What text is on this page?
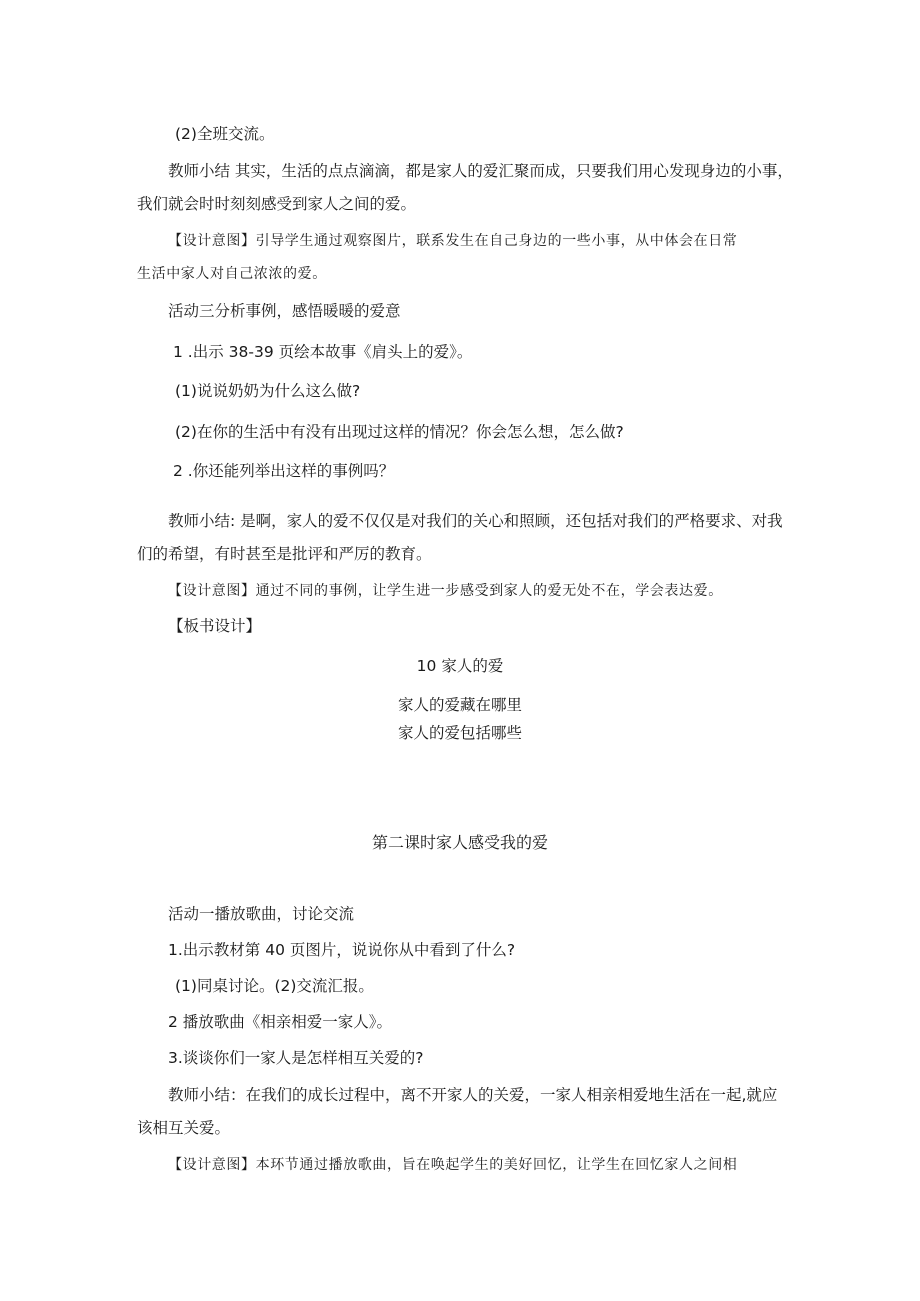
(2)全班交流。
教师小结 其实，生活的点点滴滴，都是家人的爱汇聚而成，只要我们用心发现身边的小事，
我们就会时时刻刻感受到家人之间的爱。
【设计意图】引导学生通过观察图片，联系发生在自己身边的一些小事，从中体会在日常
生活中家人对自己浓浓的爱。
活动三分析事例，感悟暖暖的爱意
1 .出示 38-39 页绘本故事《肩头上的爱》。
(1)说说奶奶为什么这么做?
(2)在你的生活中有没有出现过这样的情况？你会怎么想，怎么做?
2 .你还能列举出这样的事例吗？
教师小结: 是啊，家人的爱不仅仅是对我们的关心和照顾，还包括对我们的严格要求、对我
们的希望，有时甚至是批评和严厉的教育。
【设计意图】通过不同的事例，让学生进一步感受到家人的爱无处不在，学会表达爱。
【板书设计】
10 家人的爱
家人的爱藏在哪里
家人的爱包括哪些
第二课时家人感受我的爱
活动一播放歌曲，讨论交流
1.出示教材第 40 页图片，说说你从中看到了什么?
(1)同桌讨论。(2)交流汇报。
2 播放歌曲《相亲相爱一家人》。
3.谈谈你们一家人是怎样相互关爱的?
教师小结：在我们的成长过程中，离不开家人的关爱，一家人相亲相爱地生活在一起,就应
该相互关爱。
【设计意图】本环节通过播放歌曲，旨在唤起学生的美好回忆，让学生在回忆家人之间相
